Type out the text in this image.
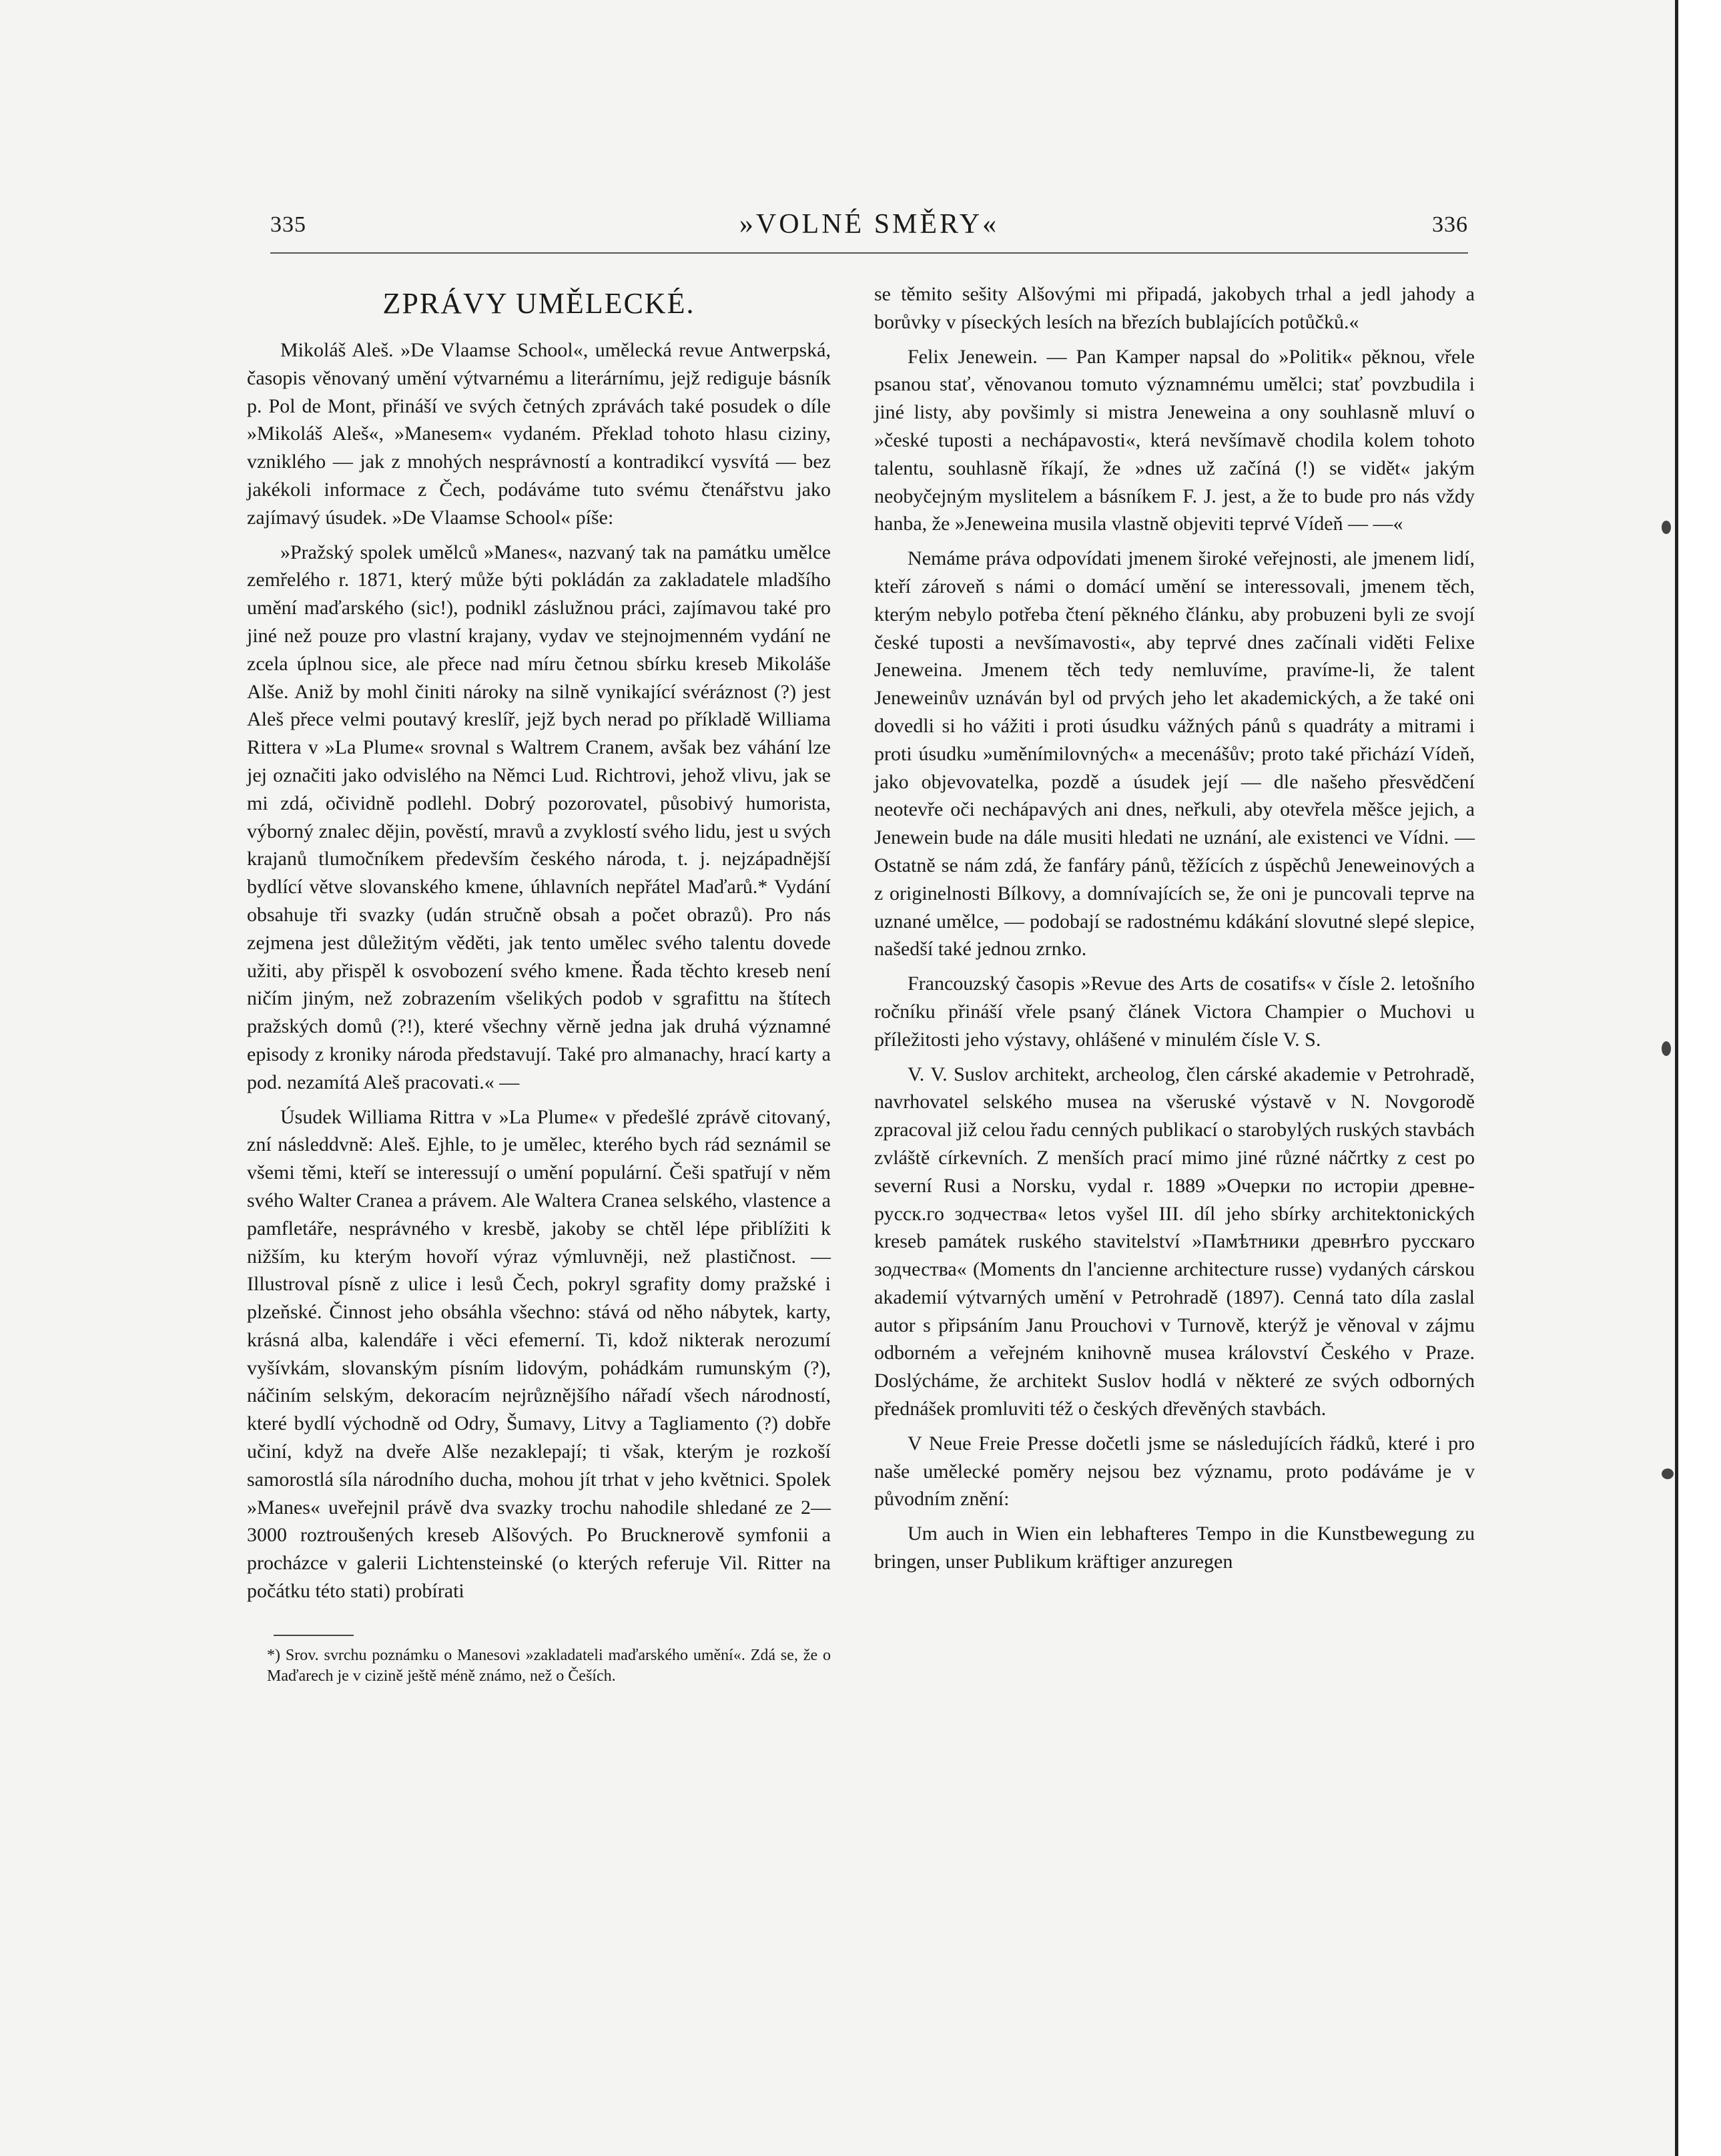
335	»VOLNÉ SMĚRY«	336
ZPRÁVY UMĚLECKÉ.

Mikoláš Aleš. »De Vlaamse School«, umělecká revue Antwerpská, časopis věnovaný umění výtvarnému a literárnímu, jejž rediguje básník p. Pol de Mont, přináší ve svých četných zprávách také posudek o díle »Mikoláš Aleš«, »Manesem« vydaném. Překlad tohoto hlasu ciziny, vzniklého — jak z mnohých nesprávností a kontradikcí vysvítá — bez jakékoli informace z Čech, podáváme tuto svému čtenářstvu jako zajímavý úsudek. »De Vlaamse School« píše:

»Pražský spolek umělců »Manes«, nazvaný tak na památku umělce zemřelého r. 1871, který může býti pokládán za zakladatele mladšího umění maďarského (sic!), podnikl záslužnou práci, zajímavou také pro jiné než pouze pro vlastní krajany, vydav ve stejnojmenném vydání ne zcela úplnou sice, ale přece nad míru četnou sbírku kreseb Mikoláše Alše. Aniž by mohl činiti nároky na silně vynikající svéráznost (?) jest Aleš přece velmi poutavý kreslíř, jejž bych nerad po příkladě Williama Rittera v »La Plume« srovnal s Waltrem Cranem, avšak bez váhání lze jej označiti jako odvislého na Němci Lud. Richtrovi, jehož vlivu, jak se mi zdá, očividně podlehl. Dobrý pozorovatel, působivý humorista, výborný znalec dějin, pověstí, mravů a zvyklostí svého lidu, jest u svých krajanů tlumočníkem především českého národa, t. j. nejzápadnější bydlící větve slovanského kmene, úhlavních nepřátel Maďarů.* Vydání obsahuje tři svazky (udán stručně obsah a počet obrazů). Pro nás zejmena jest důležitým věděti, jak tento umělec svého talentu dovede užiti, aby přispěl k osvobození svého kmene. Řada těchto kreseb není ničím jiným, než zobrazením všelikých podob v sgrafittu na štítech pražských domů (?!), které všechny věrně jedna jak druhá významné episody z kroniky národa představují. Také pro almanachy, hrací karty a pod. nezamítá Aleš pracovati.« —

Úsudek Williama Rittra v »La Plume« v předešlé zprávě citovaný, zní následdvně: Aleš. Ejhle, to je umělec, kterého bych rád seznámil se všemi těmi, kteří se interessují o umění populární. Češi spatřují v něm svého Walter Cranea a právem. Ale Waltera Cranea selského, vlastence a pamfletáře, nesprávného v kresbě, jakoby se chtěl lépe přiblížiti k nižším, ku kterým hovoří výraz výmluvněji, než plastičnost. — Illustroval písně z ulice i lesů Čech, pokryl sgrafity domy pražské i plzeňské. Činnost jeho obsáhla všechno: stává od něho nábytek, karty, krásná alba, kalendáře i věci efemerní. Ti, kdož nikterak nerozumí vyšívkám, slovanským písním lidovým, pohádkám rumunským (?), náčiním selským, dekoracím nejrůznějšího nářadí všech národností, které bydlí východně od Odry, Šumavy, Litvy a Tagliamento (?) dobře učiní, když na dveře Alše nezaklepají; ti však, kterým je rozkoší samorostlá síla národního ducha, mohou jít trhat v jeho květnici. Spolek »Manes« uveřejnil právě dva svazky trochu nahodile shledané ze 2—3000 roztroušených kreseb Alšových. Po Brucknerově symfonii a procházce v galerii Lichtensteinské (o kterých referuje Vil. Ritter na počátku této stati) probírati

*) Srov. svrchu poznámku o Manesovi »zakladateli maďarského umění«. Zdá se, že o Maďarech je v cizině ještě méně známo, než o Češích.

se těmito sešity Alšovými mi připadá, jakobych trhal a jedl jahody a borůvky v píseckých lesích na březích bublajících potůčků.«

Felix Jenewein. — Pan Kamper napsal do »Politik« pěknou, vřele psanou stať, věnovanou tomuto významnému umělci; stať povzbudila i jiné listy, aby povšimly si mistra Jeneweina a ony souhlasně mluví o »české tuposti a nechápavosti«, která nevšímavě chodila kolem tohoto talentu, souhlasně říkají, že »dnes už začíná (!) se vidět« jakým neobyčejným myslitelem a básníkem F. J. jest, a že to bude pro nás vždy hanba, že »Jeneweina musila vlastně objeviti teprvé Vídeň — —«

Nemáme práva odpovídati jmenem široké veřejnosti, ale jmenem lidí, kteří zároveň s námi o domácí umění se interessovali, jmenem těch, kterým nebylo potřeba čtení pěkného článku, aby probuzeni byli ze svojí české tuposti a nevšímavosti«, aby teprvé dnes začínali viděti Felixe Jeneweina. Jmenem těch tedy nemluvíme, pravíme-li, že talent Jeneweinův uznáván byl od prvých jeho let akademických, a že také oni dovedli si ho vážiti i proti úsudku vážných pánů s quadráty a mitrami i proti úsudku »uměnímilovných« a mecenášův; proto také přichází Vídeň, jako objevovatelka, pozdě a úsudek její — dle našeho přesvědčení neotevře oči nechápavých ani dnes, neřkuli, aby otevřela měšce jejich, a Jenewein bude na dále musiti hledati ne uznání, ale existenci ve Vídni. — Ostatně se nám zdá, že fanfáry pánů, těžících z úspěchů Jeneweinových a z originelnosti Bílkovy, a domnívajících se, že oni je puncovali teprve na uznané umělce, — podobají se radostnému kdákání slovutné slepé slepice, našedší také jednou zrnko.

Francouzský časopis »Revue des Arts de cosatifs« v čísle 2. letošního ročníku přináší vřele psaný článek Victora Champier o Muchovi u příležitosti jeho výstavy, ohlášené v minulém čísle V. S.

V. V. Suslov architekt, archeolog, člen cárské akademie v Petrohradě, navrhovatel selského musea na všeruské výstavě v N. Novgorodě zpracoval již celou řadu cenných publikací o starobylých ruských stavbách zvláště církevních. Z menších prací mimo jiné různé náčrtky z cest po severní Rusi a Norsku, vydal r. 1889 »Очерки по исторіи древне-русск.го зодчества« letos vyšel III. díl jeho sbírky architektonických kreseb památek ruského stavitelství »Памѣтники древнѣго русскаго зодчества« (Moments dn l'ancienne architecture russe) vydaných cárskou akademií výtvarných umění v Petrohradě (1897). Cenná tato díla zaslal autor s připsáním Janu Prouchovi v Turnově, kterýž je věnoval v zájmu odborném a veřejném knihovně musea království Českého v Praze. Doslýcháme, že architekt Suslov hodlá v některé ze svých odborných přednášek promluviti též o českých dřevěných stavbách.

V Neue Freie Presse dočetli jsme se následujících řádků, které i pro naše umělecké poměry nejsou bez významu, proto podáváme je v původním znění:

Um auch in Wien ein lebhafteres Tempo in die Kunstbewegung zu bringen, unser Publikum kräftiger anzuregen
